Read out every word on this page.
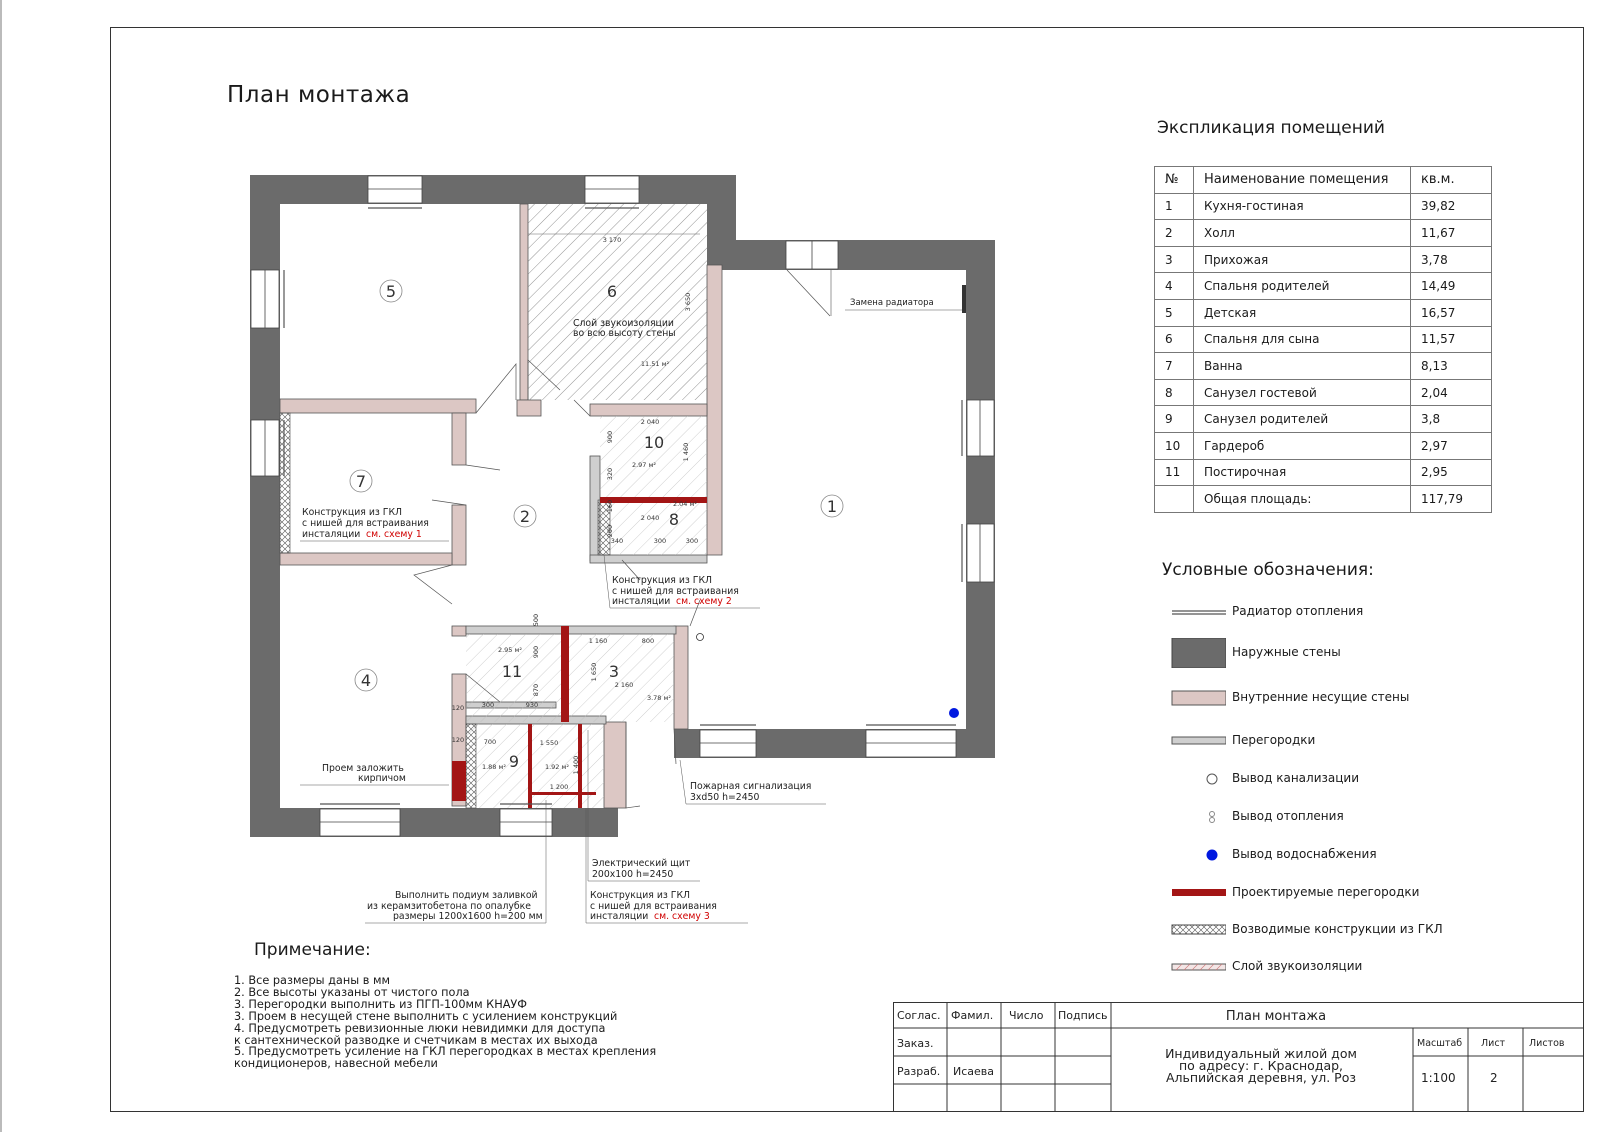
План монтажа
5	6
7
2
1
10
8
4	11	3
9
3 170
3 650
11.51 м²
2 040
1 460
2.97 м²
900
320
160
200
2.04 м²
2 040
340	300	300
2.95 м² 900
870
300	930
1 160	800
2 160
1 650
3.78 м²
1 550
1 200
700
1.92 м²
1.88 м²	1 400
120
120
500
Замена радиатора
Слой звукоизоляции
во всю высоту стены
Конструкция из ГКЛ
с нишей для встраивания
инсталяции см. схему 1
Конструкция из ГКЛ
с нишей для встраивания
инсталяции см. схему 2
Проем заложить
кирпичом
Пожарная сигнализация
3xd50 h=2450
Электрический щит
200x100 h=2450
Выполнить подиум заливкой
из керамзитобетона по опалубке
размеры 1200x1600 h=200 мм
Конструкция из ГКЛ
с нишей для встраивания
инсталяции см. схему 3
Экспликация помещений
№	Наименование помещения	кв.м.
1	Кухня-гостиная	39,82
2	Холл	11,67
3	Прихожая	3,78
4	Спальня родителей	14,49
5	Детская	16,57
6	Спальня для сына	11,57
7	Ванна	8,13
8	Санузел гостевой	2,04
9	Санузел родителей	3,8
10	Гардероб	2,97
11	Постирочная	2,95
	Общая площадь:	117,79
Условные обозначения:
Радиатор отопления
Наружные стены
Внутренние несущие стены
Перегородки
Вывод канализации
Вывод отопления
Вывод водоснабжения
Проектируемые перегородки
Возводимые конструкции из ГКЛ
Слой звукоизоляции
Примечание:
1. Все размеры даны в мм
2. Все высоты указаны от чистого пола
3. Перегородки выполнить из ПГП-100мм КНАУФ
3. Проем в несущей стене выполнить с усилением конструкций
4. Предусмотреть ревизионные люки невидимки для доступа
к сантехнической разводке и счетчикам в местах их выхода
5. Предусмотреть усиление на ГКЛ перегородках в местах крепления
кондиционеров, навесной мебели
Соглас. Фамил. Число Подпись
Заказ.
Разраб. Исаева
План монтажа
Индивидуальный жилой дом
по адресу: г. Краснодар,
Альпийская деревня, ул. Роз
Масштаб Лист	Листов
1:100	2
